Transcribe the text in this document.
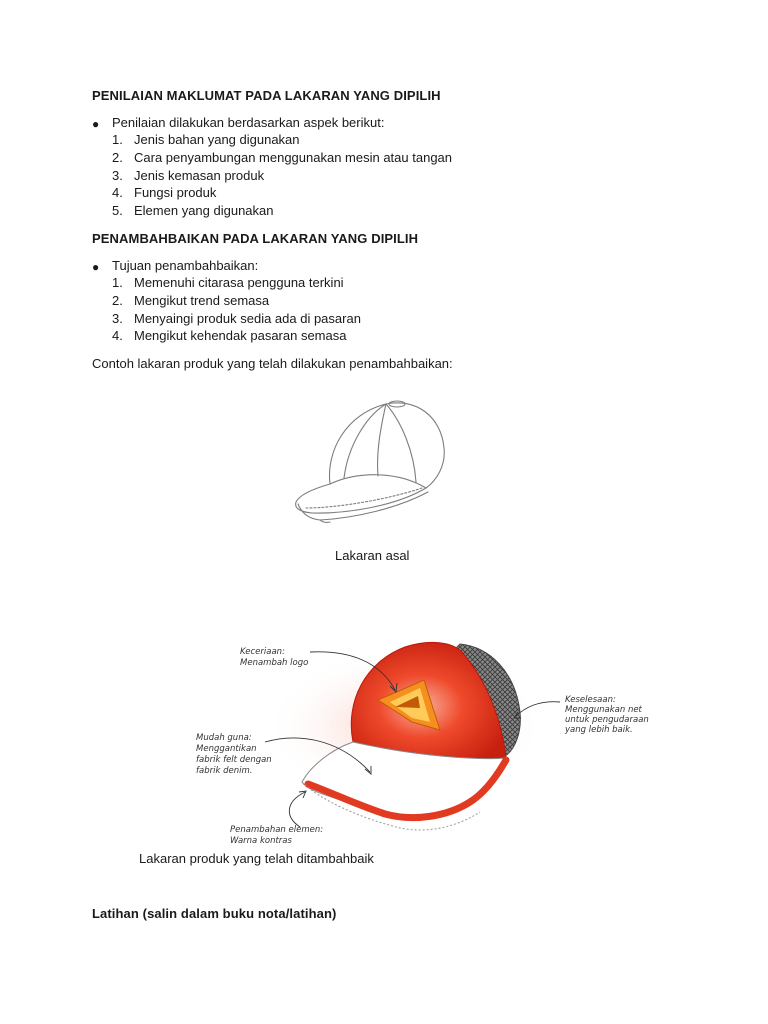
PENILAIAN MAKLUMAT PADA LAKARAN YANG DIPILIH
● Penilaian dilakukan berdasarkan aspek berikut:
1. Jenis bahan yang digunakan
2. Cara penyambungan menggunakan mesin atau tangan
3. Jenis kemasan produk
4. Fungsi produk
5. Elemen yang digunakan
PENAMBAHBAIKAN PADA LAKARAN YANG DIPILIH
● Tujuan penambahbaikan:
1. Memenuhi citarasa pengguna terkini
2. Mengikut trend semasa
3. Menyaingi produk sedia ada di pasaran
4. Mengikut kehendak pasaran semasa
Contoh lakaran produk yang telah dilakukan penambahbaikan:
Lakaran asal
Keceriaan:
Menambah logo
Keselesaan:
Menggunakan net
untuk pengudaraan
yang lebih baik.
Mudah guna:
Menggantikan
fabrik felt dengan
fabrik denim.
Penambahan elemen:
Warna kontras
Lakaran produk yang telah ditambahbaik
Latihan (salin dalam buku nota/latihan)
